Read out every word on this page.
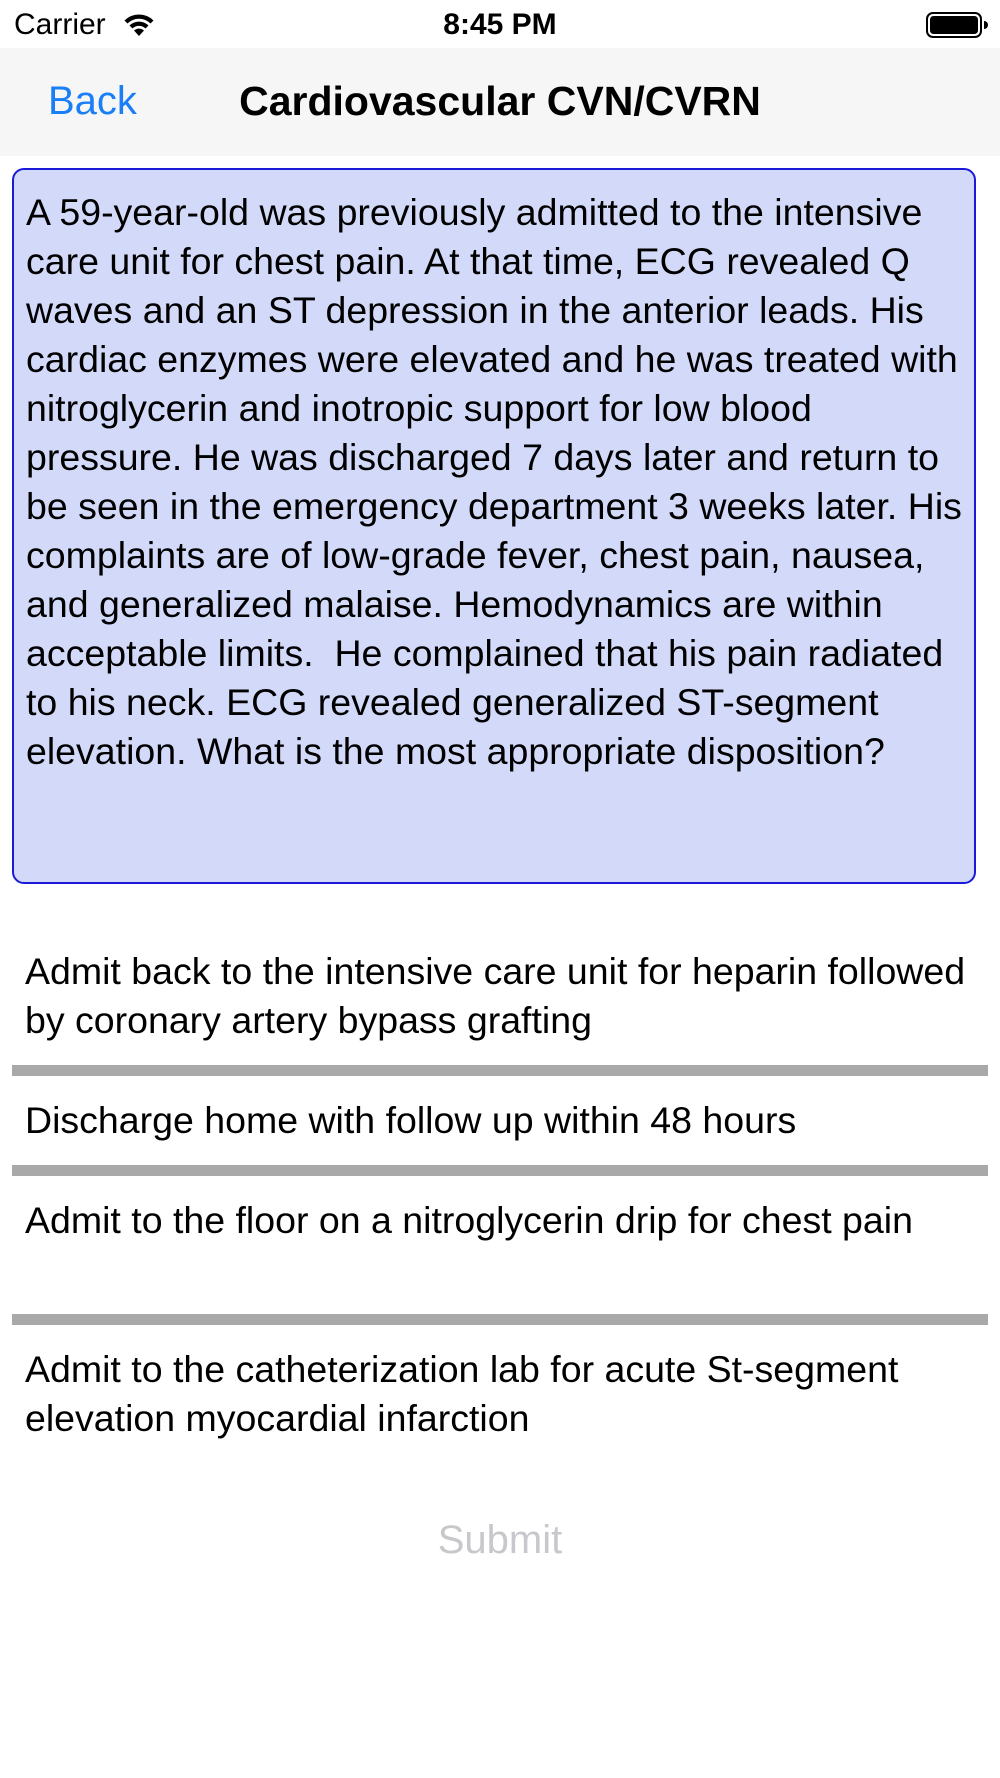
Carrier	8:45 PM
Back	Cardiovascular CVN/CVRN
A 59-year-old was previously admitted to the intensive care unit for chest pain. At that time, ECG revealed Q waves and an ST depression in the anterior leads. His cardiac enzymes were elevated and he was treated with nitroglycerin and inotropic support for low blood pressure. He was discharged 7 days later and return to be seen in the emergency department 3 weeks later. His complaints are of low-grade fever, chest pain, nausea, and generalized malaise. Hemodynamics are within acceptable limits.  He complained that his pain radiated to his neck. ECG revealed generalized ST-segment elevation. What is the most appropriate disposition?
Admit back to the intensive care unit for heparin followed by coronary artery bypass grafting
Discharge home with follow up within 48 hours
Admit to the floor on a nitroglycerin drip for chest pain
Admit to the catheterization lab for acute St-segment elevation myocardial infarction
Submit
